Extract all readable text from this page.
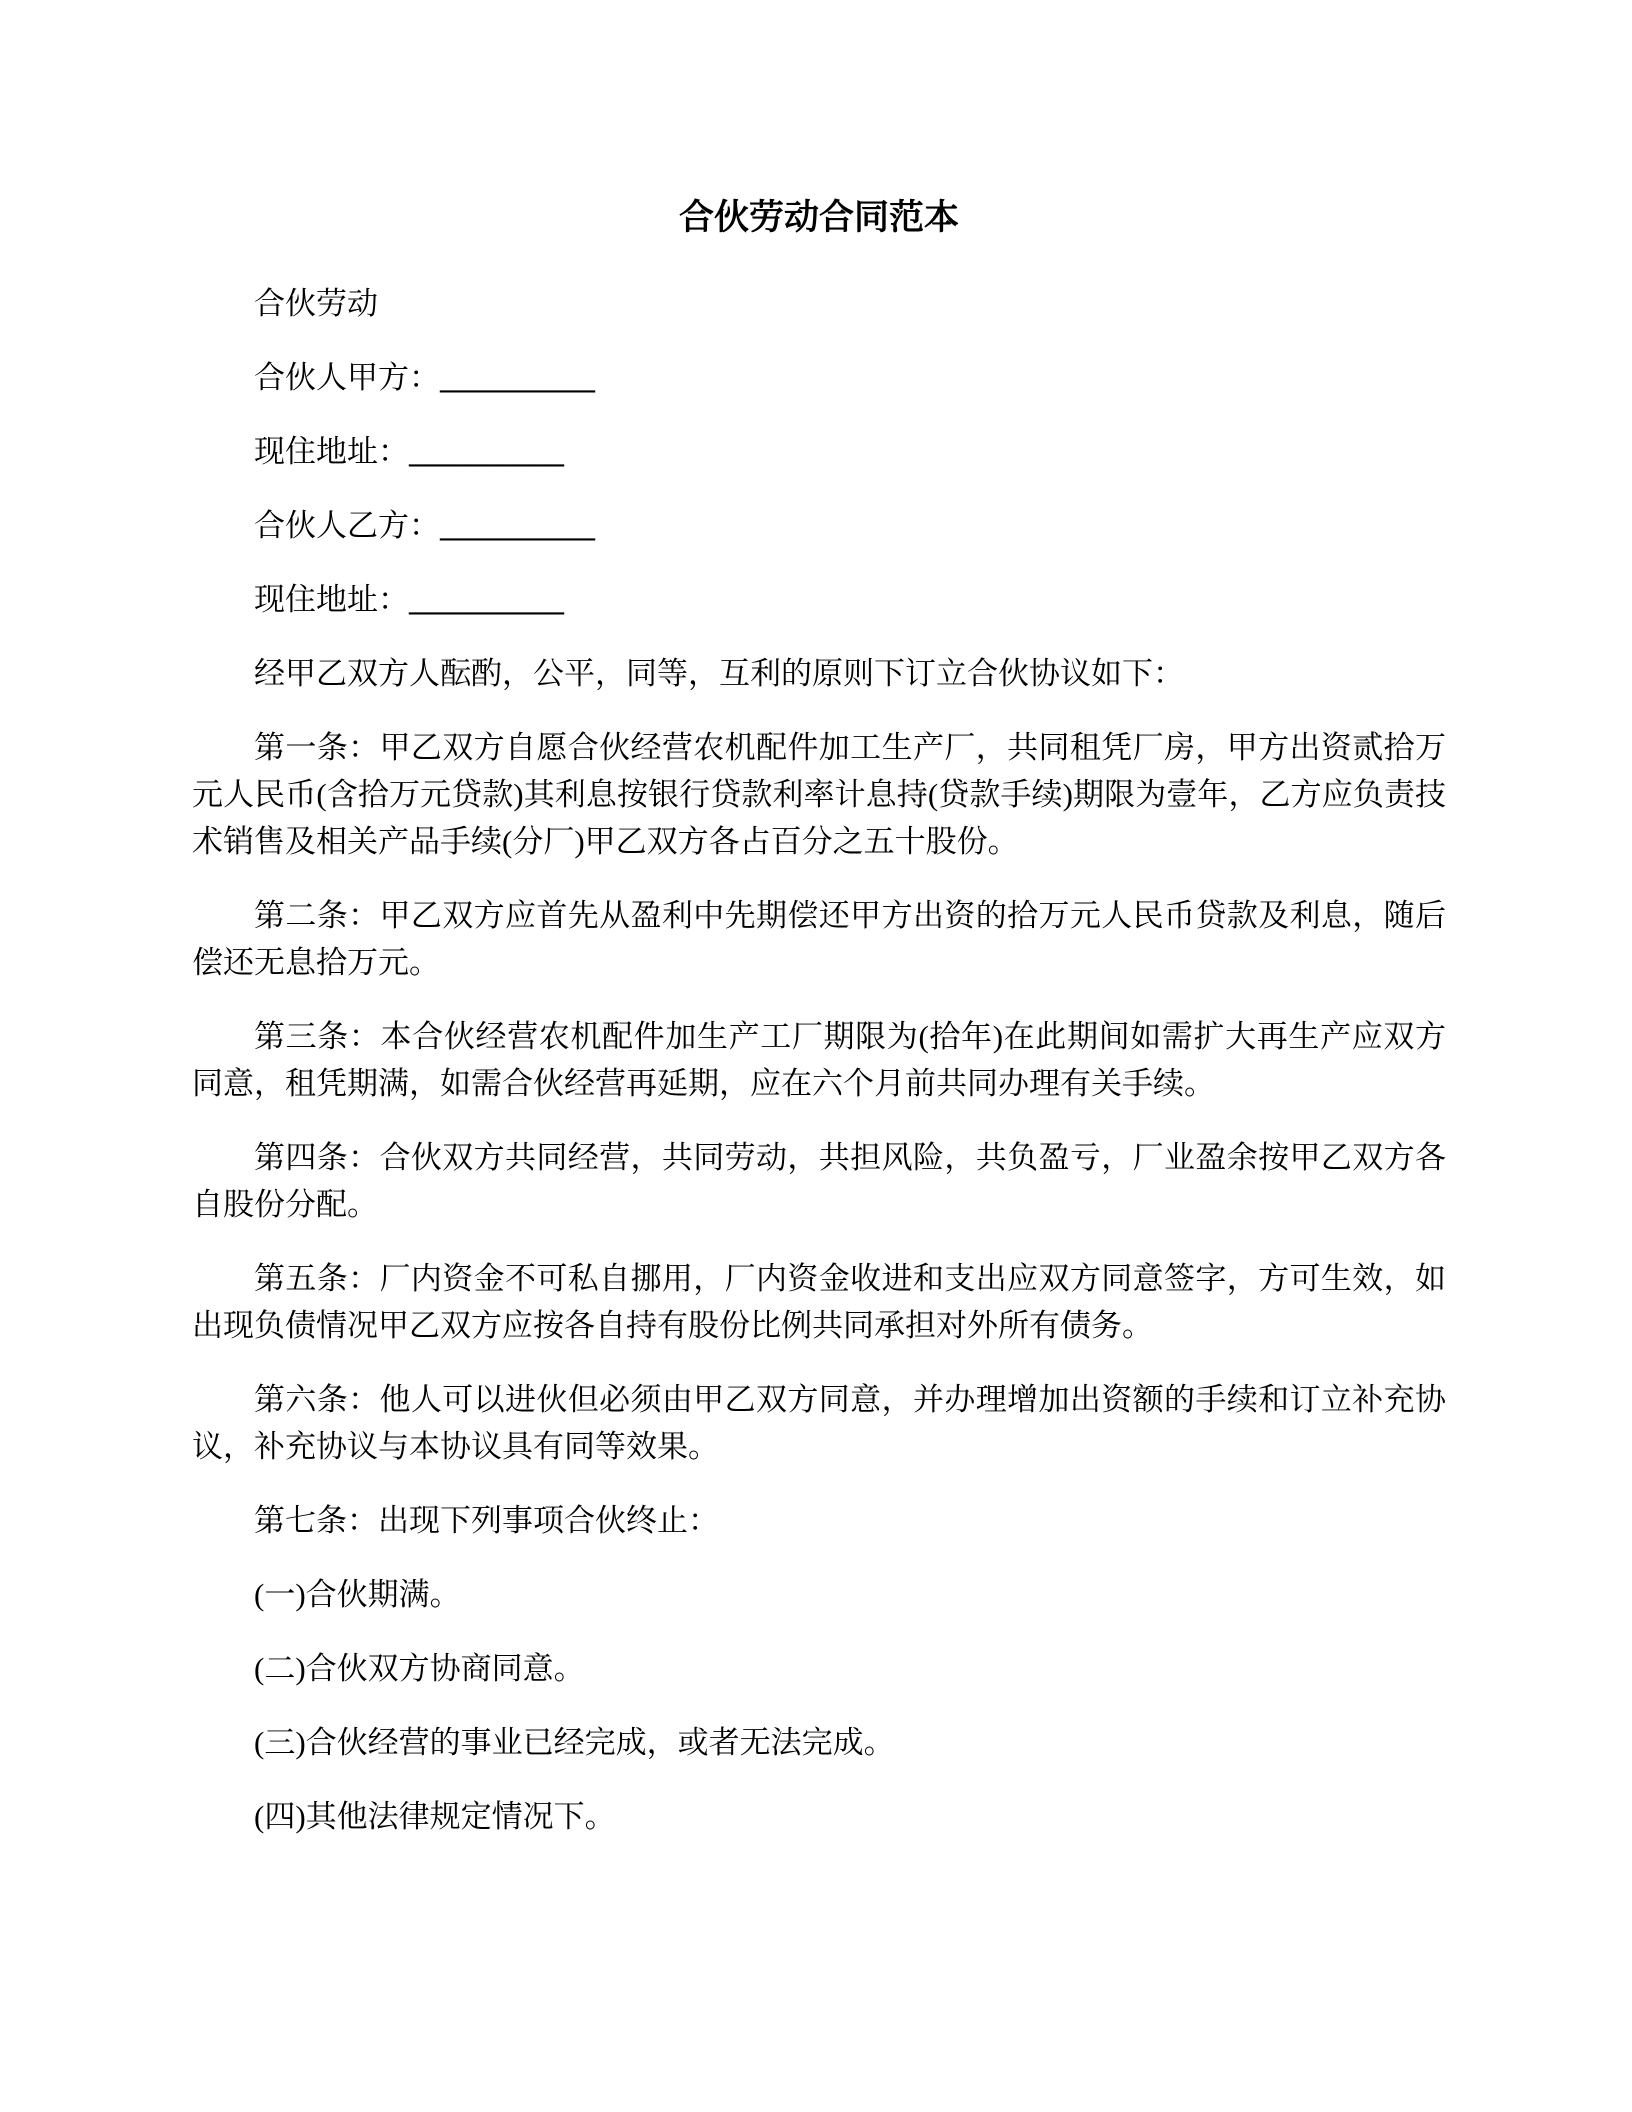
合伙劳动合同范本

合伙劳动

合伙人甲方：__________

现住地址：__________

合伙人乙方：__________

现住地址：__________

经甲乙双方人酝酌，公平，同等，互利的原则下订立合伙协议如下：

第一条：甲乙双方自愿合伙经营农机配件加工生产厂，共同租凭厂房，甲方出资贰拾万元人民币(含拾万元贷款)其利息按银行贷款利率计息持(贷款手续)期限为壹年，乙方应负责技术销售及相关产品手续(分厂)甲乙双方各占百分之五十股份。

第二条：甲乙双方应首先从盈利中先期偿还甲方出资的拾万元人民币贷款及利息，随后偿还无息拾万元。

第三条：本合伙经营农机配件加生产工厂期限为(拾年)在此期间如需扩大再生产应双方同意，租凭期满，如需合伙经营再延期，应在六个月前共同办理有关手续。

第四条：合伙双方共同经营，共同劳动，共担风险，共负盈亏，厂业盈余按甲乙双方各自股份分配。

第五条：厂内资金不可私自挪用，厂内资金收进和支出应双方同意签字，方可生效，如出现负债情况甲乙双方应按各自持有股份比例共同承担对外所有债务。

第六条：他人可以进伙但必须由甲乙双方同意，并办理增加出资额的手续和订立补充协议，补充协议与本协议具有同等效果。

第七条：出现下列事项合伙终止：

(一)合伙期满。

(二)合伙双方协商同意。

(三)合伙经营的事业已经完成，或者无法完成。

(四)其他法律规定情况下。
